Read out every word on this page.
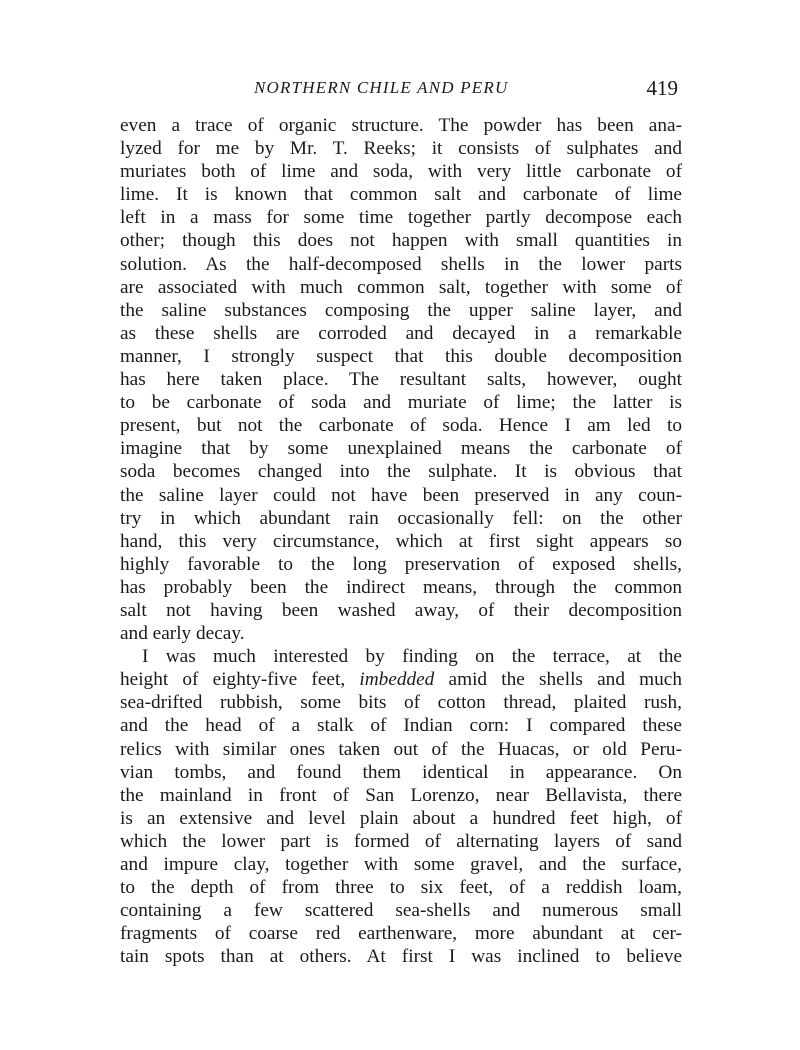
NORTHERN CHILE AND PERU	419
even a trace of organic structure. The powder has been ana-
lyzed for me by Mr. T. Reeks; it consists of sulphates and
muriates both of lime and soda, with very little carbonate of
lime. It is known that common salt and carbonate of lime
left in a mass for some time together partly decompose each
other; though this does not happen with small quantities in
solution. As the half-decomposed shells in the lower parts
are associated with much common salt, together with some of
the saline substances composing the upper saline layer, and
as these shells are corroded and decayed in a remarkable
manner, I strongly suspect that this double decomposition
has here taken place. The resultant salts, however, ought
to be carbonate of soda and muriate of lime; the latter is
present, but not the carbonate of soda. Hence I am led to
imagine that by some unexplained means the carbonate of
soda becomes changed into the sulphate. It is obvious that
the saline layer could not have been preserved in any coun-
try in which abundant rain occasionally fell: on the other
hand, this very circumstance, which at first sight appears so
highly favorable to the long preservation of exposed shells,
has probably been the indirect means, through the common
salt not having been washed away, of their decomposition
and early decay.
I was much interested by finding on the terrace, at the
height of eighty-five feet, imbedded amid the shells and much
sea-drifted rubbish, some bits of cotton thread, plaited rush,
and the head of a stalk of Indian corn: I compared these
relics with similar ones taken out of the Huacas, or old Peru-
vian tombs, and found them identical in appearance. On
the mainland in front of San Lorenzo, near Bellavista, there
is an extensive and level plain about a hundred feet high, of
which the lower part is formed of alternating layers of sand
and impure clay, together with some gravel, and the surface,
to the depth of from three to six feet, of a reddish loam,
containing a few scattered sea-shells and numerous small
fragments of coarse red earthenware, more abundant at cer-
tain spots than at others. At first I was inclined to believe
